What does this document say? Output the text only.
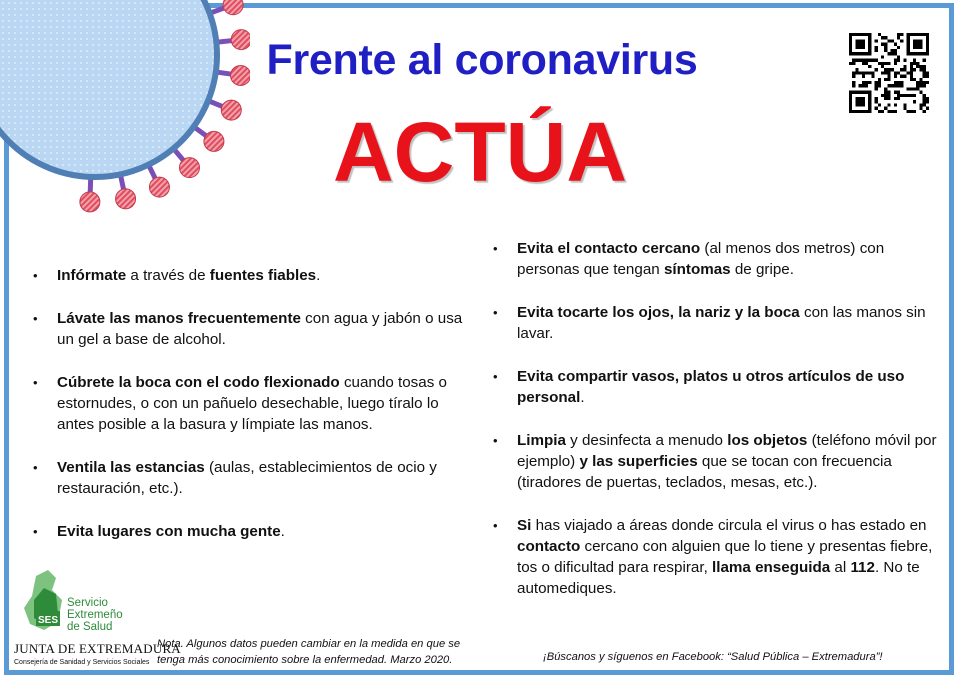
Frente al coronavirus
ACTÚA
• Infórmate a través de fuentes fiables.
• Lávate las manos frecuentemente con agua y jabón o usa un gel a base de alcohol.
• Cúbrete la boca con el codo flexionado cuando tosas o estornudes, o con un pañuelo desechable, luego tíralo lo antes posible a la basura y límpiate las manos.
• Ventila las estancias (aulas, establecimientos de ocio y restauración, etc.).
• Evita lugares con mucha gente.
• Evita el contacto cercano (al menos dos metros) con personas que tengan síntomas de gripe.
• Evita tocarte los ojos, la nariz y la boca con las manos sin lavar.
• Evita compartir vasos, platos u otros artículos de uso personal.
• Limpia y desinfecta a menudo los objetos (teléfono móvil por ejemplo) y las superficies que se tocan con frecuencia (tiradores de puertas, teclados, mesas, etc.).
• Si has viajado a áreas donde circula el virus o has estado en contacto cercano con alguien que lo tiene y presentas fiebre, tos o dificultad para respirar, llama enseguida al 112. No te automediques.
SES
Servicio
Extremeño
de Salud
JUNTA DE EXTREMADURA
Consejería de Sanidad y Servicios Sociales
Nota. Algunos datos pueden cambiar en la medida en que se tenga más conocimiento sobre la enfermedad. Marzo 2020.	¡Búscanos y síguenos en Facebook: “Salud Pública – Extremadura”!
